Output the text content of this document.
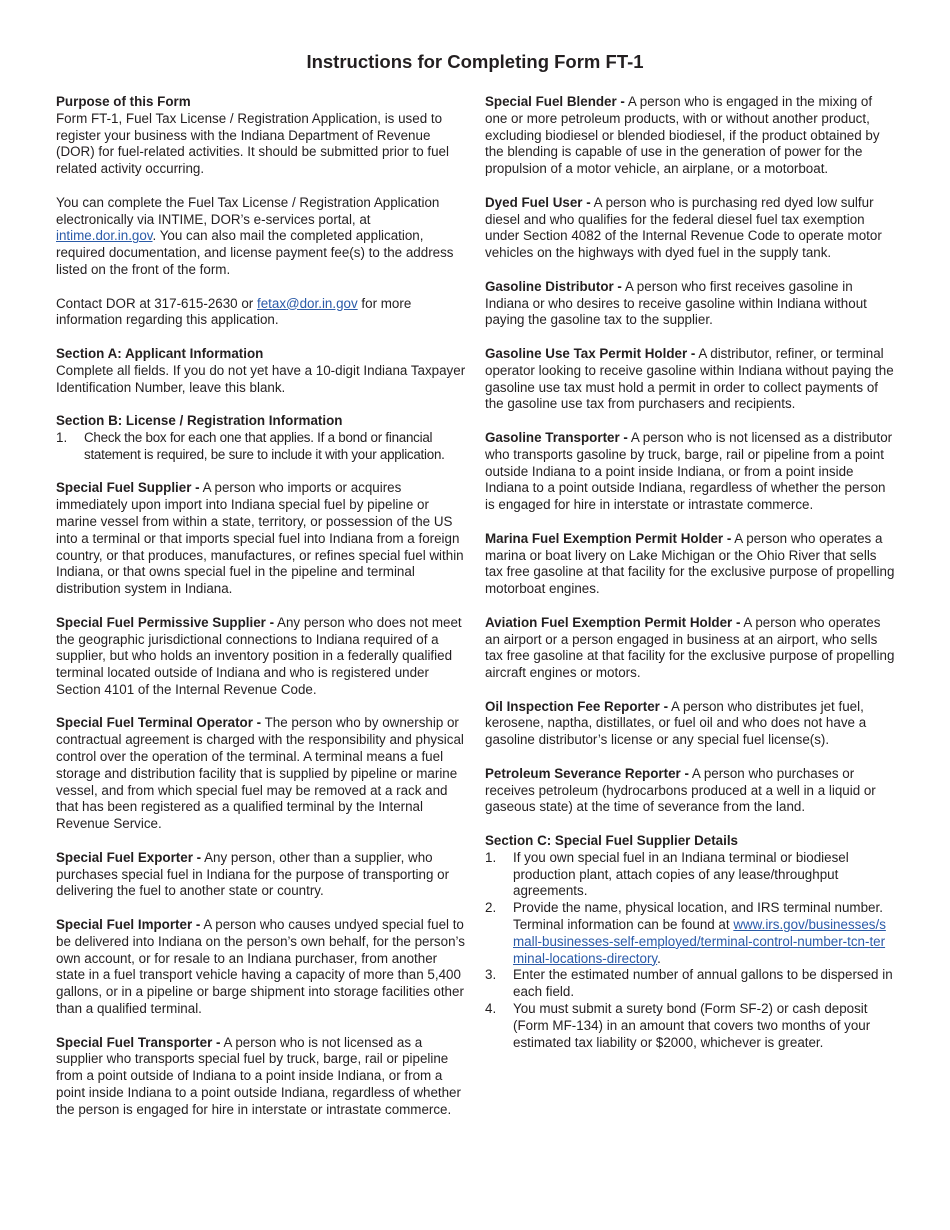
Instructions for Completing Form FT-1

Purpose of this Form
Form FT-1, Fuel Tax License / Registration Application, is used to register your business with the Indiana Department of Revenue (DOR) for fuel-related activities. It should be submitted prior to fuel related activity occurring.

You can complete the Fuel Tax License / Registration Application electronically via INTIME, DOR’s e-services portal, at intime.dor.in.gov. You can also mail the completed application, required documentation, and license payment fee(s) to the address listed on the front of the form.

Contact DOR at 317-615-2630 or fetax@dor.in.gov for more information regarding this application.

Section A: Applicant Information
Complete all fields. If you do not yet have a 10-digit Indiana Taxpayer Identification Number, leave this blank.

Section B: License / Registration Information
1. Check the box for each one that applies. If a bond or financial statement is required, be sure to include it with your application.

Special Fuel Supplier - A person who imports or acquires immediately upon import into Indiana special fuel by pipeline or marine vessel from within a state, territory, or possession of the US into a terminal or that imports special fuel into Indiana from a foreign country, or that produces, manufactures, or refines special fuel within Indiana, or that owns special fuel in the pipeline and terminal distribution system in Indiana.

Special Fuel Permissive Supplier - Any person who does not meet the geographic jurisdictional connections to Indiana required of a supplier, but who holds an inventory position in a federally qualified terminal located outside of Indiana and who is registered under Section 4101 of the Internal Revenue Code.

Special Fuel Terminal Operator - The person who by ownership or contractual agreement is charged with the responsibility and physical control over the operation of the terminal. A terminal means a fuel storage and distribution facility that is supplied by pipeline or marine vessel, and from which special fuel may be removed at a rack and that has been registered as a qualified terminal by the Internal Revenue Service.

Special Fuel Exporter - Any person, other than a supplier, who purchases special fuel in Indiana for the purpose of transporting or delivering the fuel to another state or country.

Special Fuel Importer - A person who causes undyed special fuel to be delivered into Indiana on the person’s own behalf, for the person’s own account, or for resale to an Indiana purchaser, from another state in a fuel transport vehicle having a capacity of more than 5,400 gallons, or in a pipeline or barge shipment into storage facilities other than a qualified terminal.

Special Fuel Transporter - A person who is not licensed as a supplier who transports special fuel by truck, barge, rail or pipeline from a point outside of Indiana to a point inside Indiana, or from a point inside Indiana to a point outside Indiana, regardless of whether the person is engaged for hire in interstate or intrastate commerce.

Special Fuel Blender - A person who is engaged in the mixing of one or more petroleum products, with or without another product, excluding biodiesel or blended biodiesel, if the product obtained by the blending is capable of use in the generation of power for the propulsion of a motor vehicle, an airplane, or a motorboat.

Dyed Fuel User - A person who is purchasing red dyed low sulfur diesel and who qualifies for the federal diesel fuel tax exemption under Section 4082 of the Internal Revenue Code to operate motor vehicles on the highways with dyed fuel in the supply tank.

Gasoline Distributor - A person who first receives gasoline in Indiana or who desires to receive gasoline within Indiana without paying the gasoline tax to the supplier.

Gasoline Use Tax Permit Holder - A distributor, refiner, or terminal operator looking to receive gasoline within Indiana without paying the gasoline use tax must hold a permit in order to collect payments of the gasoline use tax from purchasers and recipients.

Gasoline Transporter - A person who is not licensed as a distributor who transports gasoline by truck, barge, rail or pipeline from a point outside Indiana to a point inside Indiana, or from a point inside Indiana to a point outside Indiana, regardless of whether the person is engaged for hire in interstate or intrastate commerce.

Marina Fuel Exemption Permit Holder - A person who operates a marina or boat livery on Lake Michigan or the Ohio River that sells tax free gasoline at that facility for the exclusive purpose of propelling motorboat engines.

Aviation Fuel Exemption Permit Holder - A person who operates an airport or a person engaged in business at an airport, who sells tax free gasoline at that facility for the exclusive purpose of propelling aircraft engines or motors.

Oil Inspection Fee Reporter - A person who distributes jet fuel, kerosene, naptha, distillates, or fuel oil and who does not have a gasoline distributor’s license or any special fuel license(s).

Petroleum Severance Reporter - A person who purchases or receives petroleum (hydrocarbons produced at a well in a liquid or gaseous state) at the time of severance from the land.

Section C: Special Fuel Supplier Details
1. If you own special fuel in an Indiana terminal or biodiesel production plant, attach copies of any lease/throughput agreements.
2. Provide the name, physical location, and IRS terminal number. Terminal information can be found at www.irs.gov/businesses/small-businesses-self-employed/terminal-control-number-tcn-terminal-locations-directory.
3. Enter the estimated number of annual gallons to be dispersed in each field.
4. You must submit a surety bond (Form SF-2) or cash deposit (Form MF-134) in an amount that covers two months of your estimated tax liability or $2000, whichever is greater.
